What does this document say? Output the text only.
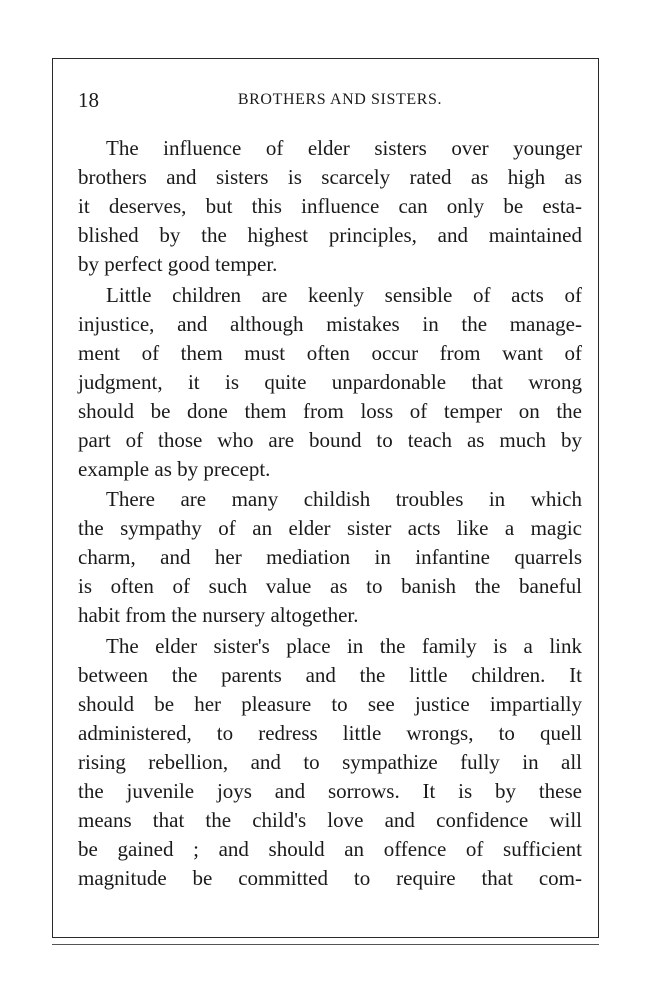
18	BROTHERS AND SISTERS.

The influence of elder sisters over younger
brothers and sisters is scarcely rated as high as
it deserves, but this influence can only be esta-
blished by the highest principles, and maintained
by perfect good temper.

Little children are keenly sensible of acts of
injustice, and although mistakes in the manage-
ment of them must often occur from want of
judgment, it is quite unpardonable that wrong
should be done them from loss of temper on the
part of those who are bound to teach as much by
example as by precept.

There are many childish troubles in which
the sympathy of an elder sister acts like a magic
charm, and her mediation in infantine quarrels
is often of such value as to banish the baneful
habit from the nursery altogether.

The elder sister's place in the family is a link
between the parents and the little children. It
should be her pleasure to see justice impartially
administered, to redress little wrongs, to quell
rising rebellion, and to sympathize fully in all
the juvenile joys and sorrows. It is by these
means that the child's love and confidence will
be gained ; and should an offence of sufficient
magnitude be committed to require that com-
